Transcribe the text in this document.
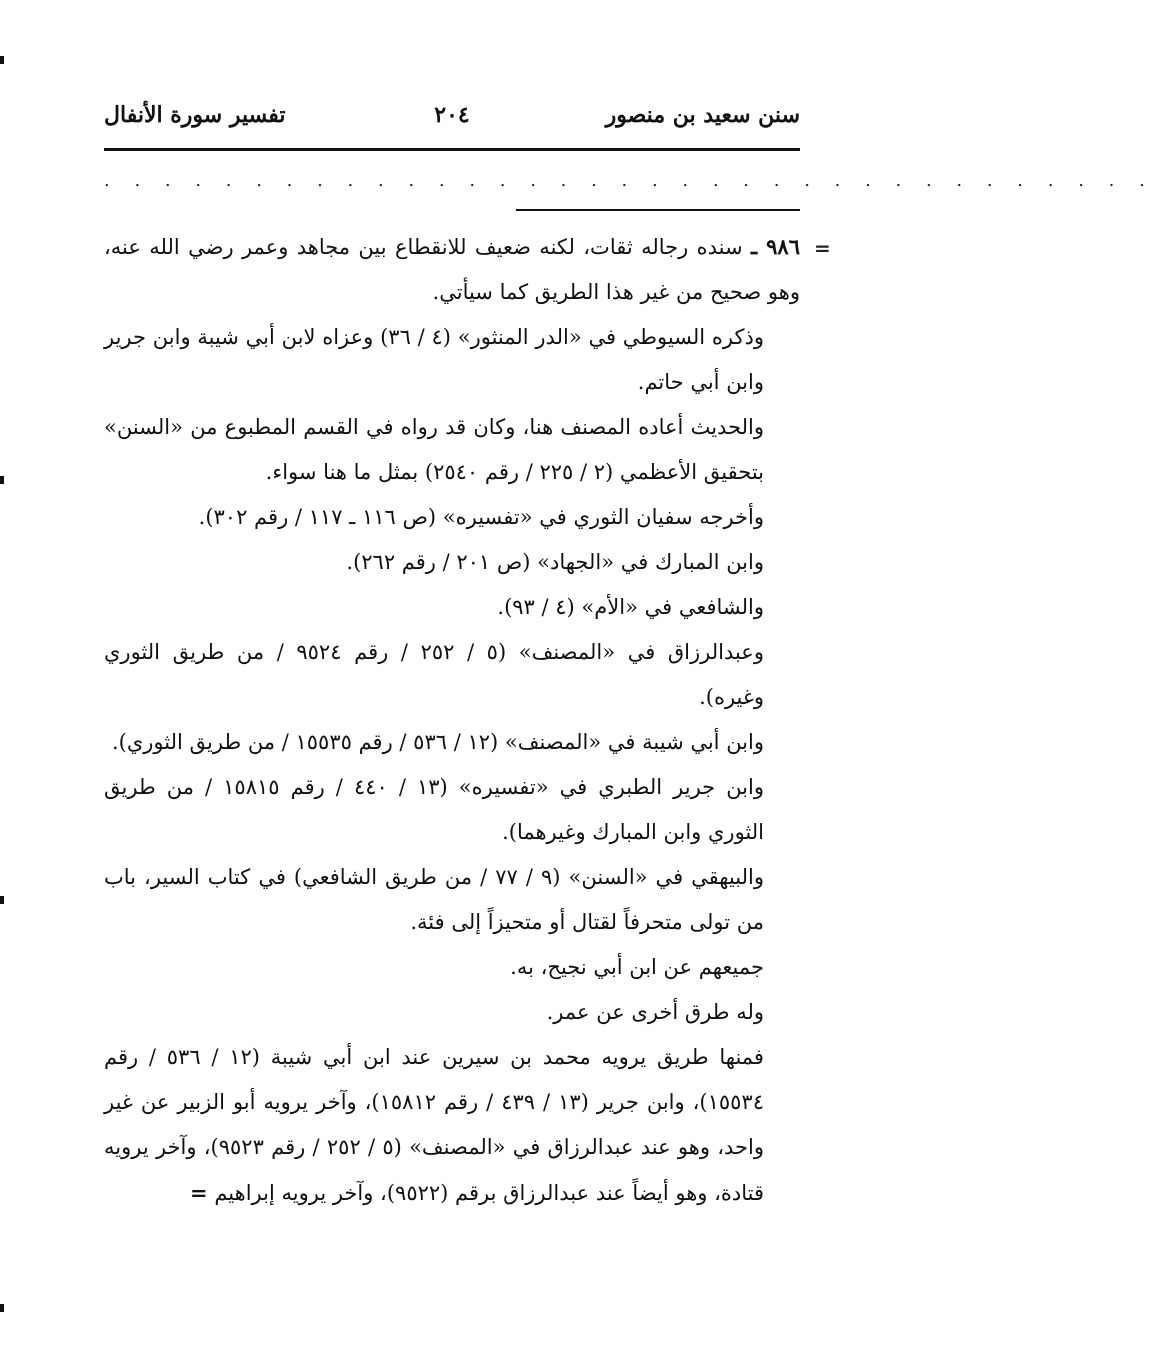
سنن سعيد بن منصور
٢٠٤
تفسير سورة الأنفال
. . . . . . . . . . . . . . . . . . . . . . . . . . . . . . . . . . .
=

٩٨٦ ـ سنده رجاله ثقات، لكنه ضعيف للانقطاع بين مجاهد وعمر رضي الله عنه، وهو صحيح من غير هذا الطريق كما سيأتي.

وذكره السيوطي في «الدر المنثور» (٤ / ٣٦) وعزاه لابن أبي شيبة وابن جرير وابن أبي حاتم.

والحديث أعاده المصنف هنا، وكان قد رواه في القسم المطبوع من «السنن» بتحقيق الأعظمي (٢ / ٢٢٥ / رقم ٢٥٤٠) بمثل ما هنا سواء.

وأخرجه سفيان الثوري في «تفسيره» (ص ١١٦ ـ ١١٧ / رقم ٣٠٢).

وابن المبارك في «الجهاد» (ص ٢٠١ / رقم ٢٦٢).

والشافعي في «الأم» (٤ / ٩٣).

وعبدالرزاق في «المصنف» (٥ / ٢٥٢ / رقم ٩٥٢٤ / من طريق الثوري وغيره).

وابن أبي شيبة في «المصنف» (١٢ / ٥٣٦ / رقم ١٥٥٣٥ / من طريق الثوري).

وابن جرير الطبري في «تفسيره» (١٣ / ٤٤٠ / رقم ١٥٨١٥ / من طريق الثوري وابن المبارك وغيرهما).

والبيهقي في «السنن» (٩ / ٧٧ / من طريق الشافعي) في كتاب السير، باب من تولى متحرفاً لقتال أو متحيزاً إلى فئة.

جميعهم عن ابن أبي نجيح، به.

وله طرق أخرى عن عمر.

فمنها طريق يرويه محمد بن سيرين عند ابن أبي شيبة (١٢ / ٥٣٦ / رقم ١٥٥٣٤)، وابن جرير (١٣ / ٤٣٩ / رقم ١٥٨١٢)، وآخر يرويه أبو الزبير عن غير واحد، وهو عند عبدالرزاق في «المصنف» (٥ / ٢٥٢ / رقم ٩٥٢٣)، وآخر يرويه قتادة، وهو أيضاً عند عبدالرزاق برقم (٩٥٢٢)، وآخر يرويه إبراهيم =
